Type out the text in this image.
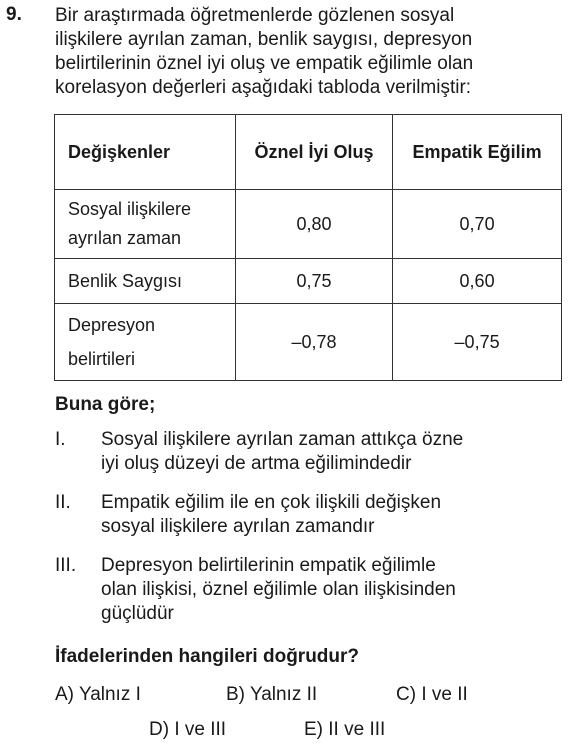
9. Bir araştırmada öğretmenlerde gözlenen sosyal
ilişkilere ayrılan zaman, benlik saygısı, depresyon
belirtilerinin öznel iyi oluş ve empatik eğilimle olan
korelasyon değerleri aşağıdaki tabloda verilmiştir:
Değişkenler	Öznel İyi Oluş	Empatik Eğilim
Sosyal ilişkilere
ayrılan zaman	0,80	0,70
Benlik Saygısı	0,75	0,60
Depresyon
belirtileri	–0,78	–0,75
Buna göre;
I. Sosyal ilişkilere ayrılan zaman attıkça özne
iyi oluş düzeyi de artma eğilimindedir
II. Empatik eğilim ile en çok ilişkili değişken
sosyal ilişkilere ayrılan zamandır
III. Depresyon belirtilerinin empatik eğilimle
olan ilişkisi, öznel eğilimle olan ilişkisinden
güçlüdür
İfadelerinden hangileri doğrudur?
A) Yalnız I	B) Yalnız II	C) I ve II
D) I ve III	E) II ve III
